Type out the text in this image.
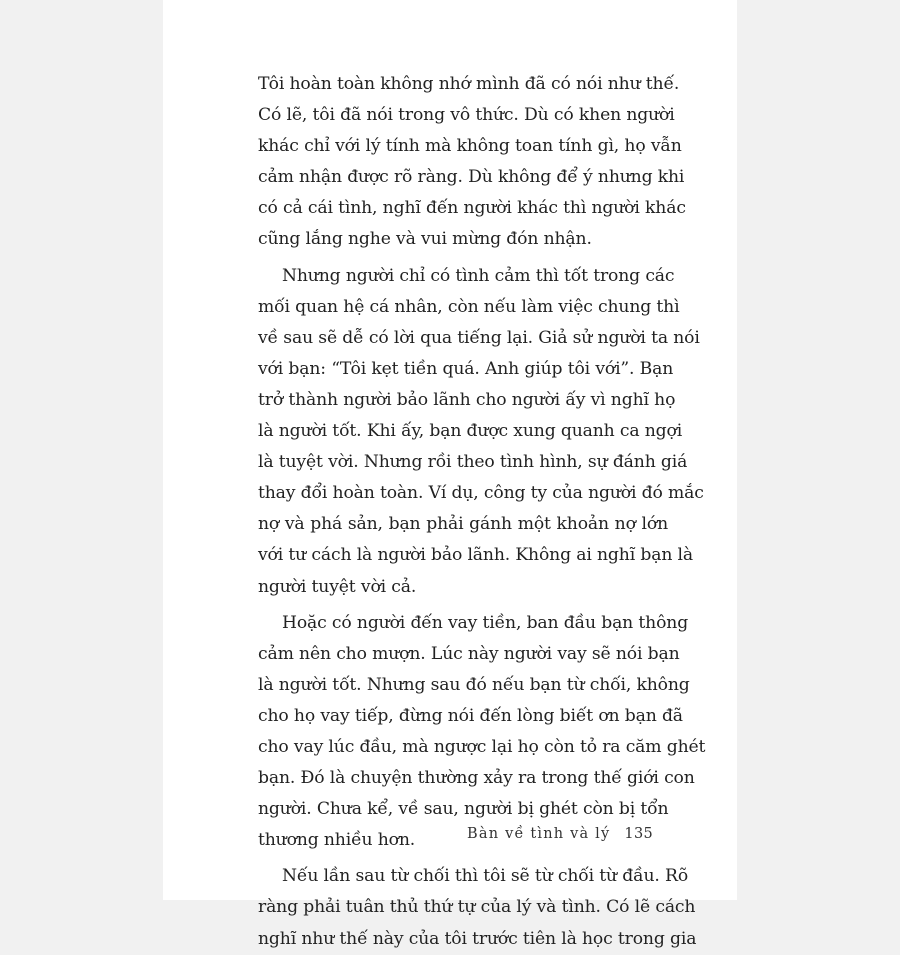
Tôi hoàn toàn không nhớ mình đã có nói như thế.
Có lẽ, tôi đã nói trong vô thức. Dù có khen người
khác chỉ với lý tính mà không toan tính gì, họ vẫn
cảm nhận được rõ ràng. Dù không để ý nhưng khi
có cả cái tình, nghĩ đến người khác thì người khác
cũng lắng nghe và vui mừng đón nhận.
Nhưng người chỉ có tình cảm thì tốt trong các
mối quan hệ cá nhân, còn nếu làm việc chung thì
về sau sẽ dễ có lời qua tiếng lại. Giả sử người ta nói
với bạn: “Tôi kẹt tiền quá. Anh giúp tôi với”. Bạn
trở thành người bảo lãnh cho người ấy vì nghĩ họ
là người tốt. Khi ấy, bạn được xung quanh ca ngợi
là tuyệt vời. Nhưng rồi theo tình hình, sự đánh giá
thay đổi hoàn toàn. Ví dụ, công ty của người đó mắc
nợ và phá sản, bạn phải gánh một khoản nợ lớn
với tư cách là người bảo lãnh. Không ai nghĩ bạn là
người tuyệt vời cả.
Hoặc có người đến vay tiền, ban đầu bạn thông
cảm nên cho mượn. Lúc này người vay sẽ nói bạn
là người tốt. Nhưng sau đó nếu bạn từ chối, không
cho họ vay tiếp, đừng nói đến lòng biết ơn bạn đã
cho vay lúc đầu, mà ngược lại họ còn tỏ ra căm ghét
bạn. Đó là chuyện thường xảy ra trong thế giới con
người. Chưa kể, về sau, người bị ghét còn bị tổn
thương nhiều hơn.
Nếu lần sau từ chối thì tôi sẽ từ chối từ đầu. Rõ
ràng phải tuân thủ thứ tự của lý và tình. Có lẽ cách
nghĩ như thế này của tôi trước tiên là học trong gia
Bàn về tình và lý 135
